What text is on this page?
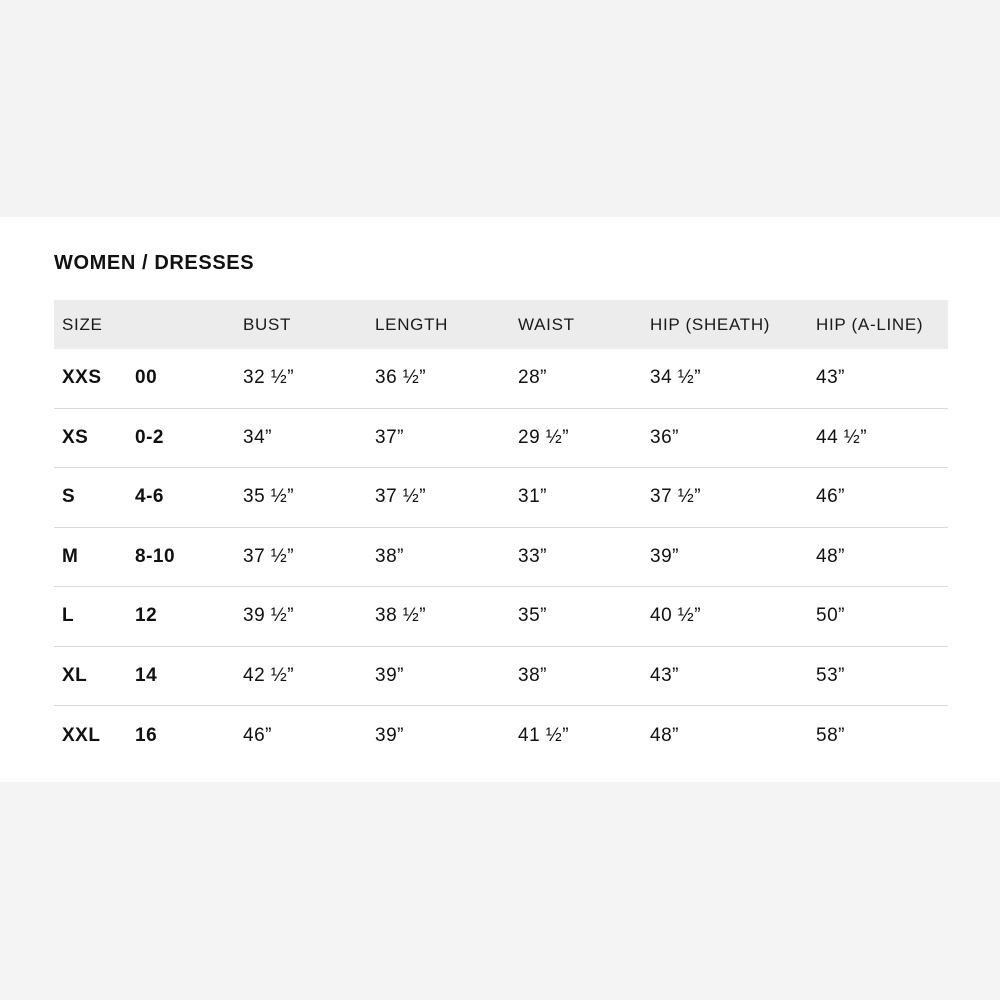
WOMEN / DRESSES
SIZE	BUST	LENGTH	WAIST	HIP (SHEATH)	HIP (A-LINE)
XXS 00	32 ½”	36 ½”	28”	34 ½”	43”
XS 0-2	34”	37”	29 ½”	36”	44 ½”
S	4-6	35 ½”	37 ½”	31”	37 ½”	46”
M	8-10	37 ½”	38”	33”	39”	48”
L	12	39 ½”	38 ½”	35”	40 ½”	50”
XL	14	42 ½”	39”	38”	43”	53”
XXL 16	46”	39”	41 ½”	48”	58”
